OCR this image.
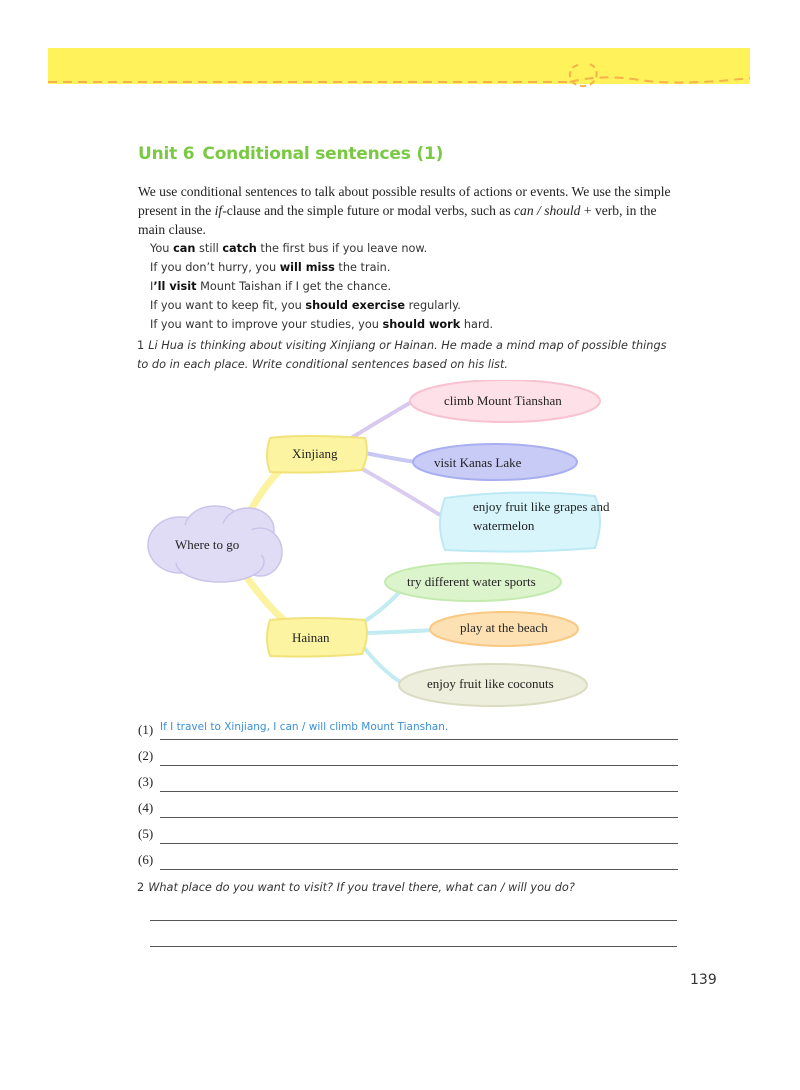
Unit 6 Conditional sentences (1)
We use conditional sentences to talk about possible results of actions or events. We use the simple present in the if-clause and the simple future or modal verbs, such as can / should + verb, in the main clause.
You can still catch the first bus if you leave now.
If you don’t hurry, you will miss the train.
I’ll visit Mount Taishan if I get the chance.
If you want to keep fit, you should exercise regularly.
If you want to improve your studies, you should work hard.
1 Li Hua is thinking about visiting Xinjiang or Hainan. He made a mind map of possible things to do in each place. Write conditional sentences based on his list.
Where to go
Xinjiang
Hainan
climb Mount Tianshan
visit Kanas Lake
enjoy fruit like grapes and
watermelon
try different water sports
play at the beach
enjoy fruit like coconuts
(1) If I travel to Xinjiang, I can / will climb Mount Tianshan.
(2)
(3)
(4)
(5)
(6)
2 What place do you want to visit? If you travel there, what can / will you do?
139
